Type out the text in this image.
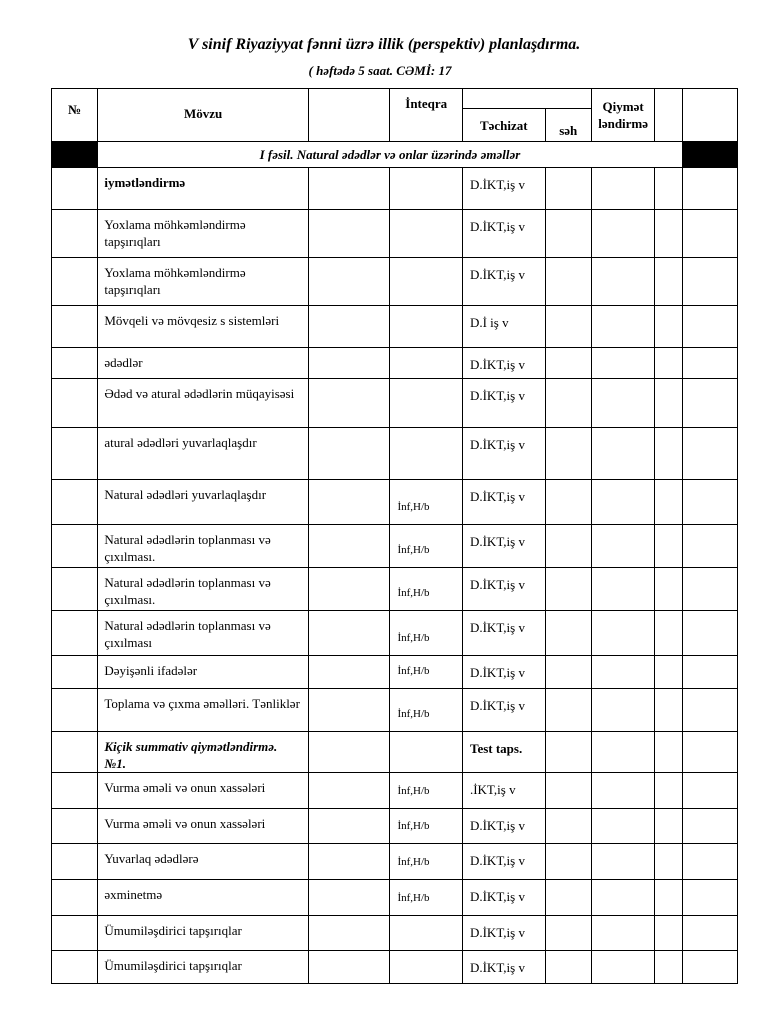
V sinif Riyaziyyat fənni üzrə illik (perspektiv) planlaşdırma.
( həftədə 5 saat. CƏMİ: 17
№	Mövzu		İnteqra			Qiymət ləndirmə		
				Təchizat	səh			
	I fəsil. Natural ədədlər və onlar üzərində əməllər							
	iymətləndirmə			D.İKT,iş v				
	Yoxlama möhkəmləndirmə tapşırıqları			D.İKT,iş v				
	Yoxlama möhkəmləndirmə tapşırıqları			D.İKT,iş v				
	Mövqeli və mövqesiz s sistemləri			D.İ iş v				
	ədədlər			D.İKT,iş v				
	Ədəd və atural ədədlərin müqayisəsi			D.İKT,iş v				
	atural ədədləri yuvarlaqlaşdır			D.İKT,iş v				
	Natural ədədləri yuvarlaqlaşdır		İnf,H/b	D.İKT,iş v				
	Natural ədədlərin toplanması və çıxılması.		İnf,H/b	D.İKT,iş v				
	Natural ədədlərin toplanması və çıxılması.		İnf,H/b	D.İKT,iş v				
	Natural ədədlərin toplanması və çıxılması		İnf,H/b	D.İKT,iş v				
	Dəyişənli ifadələr		İnf,H/b	D.İKT,iş v				
	Toplama və çıxma əməlləri. Tənliklər		İnf,H/b	D.İKT,iş v				
	Kiçik summativ qiymətləndirmə. №1.			Test taps.				
	Vurma əməli və onun xassələri		İnf,H/b	.İKT,iş v				
	Vurma əməli və onun xassələri		İnf,H/b	D.İKT,iş v				
	Yuvarlaq ədədlərə		İnf,H/b	D.İKT,iş v				
	əxminetmə		İnf,H/b	D.İKT,iş v				
	Ümumiləşdirici tapşırıqlar			D.İKT,iş v				
	Ümumiləşdirici tapşırıqlar			D.İKT,iş v				
